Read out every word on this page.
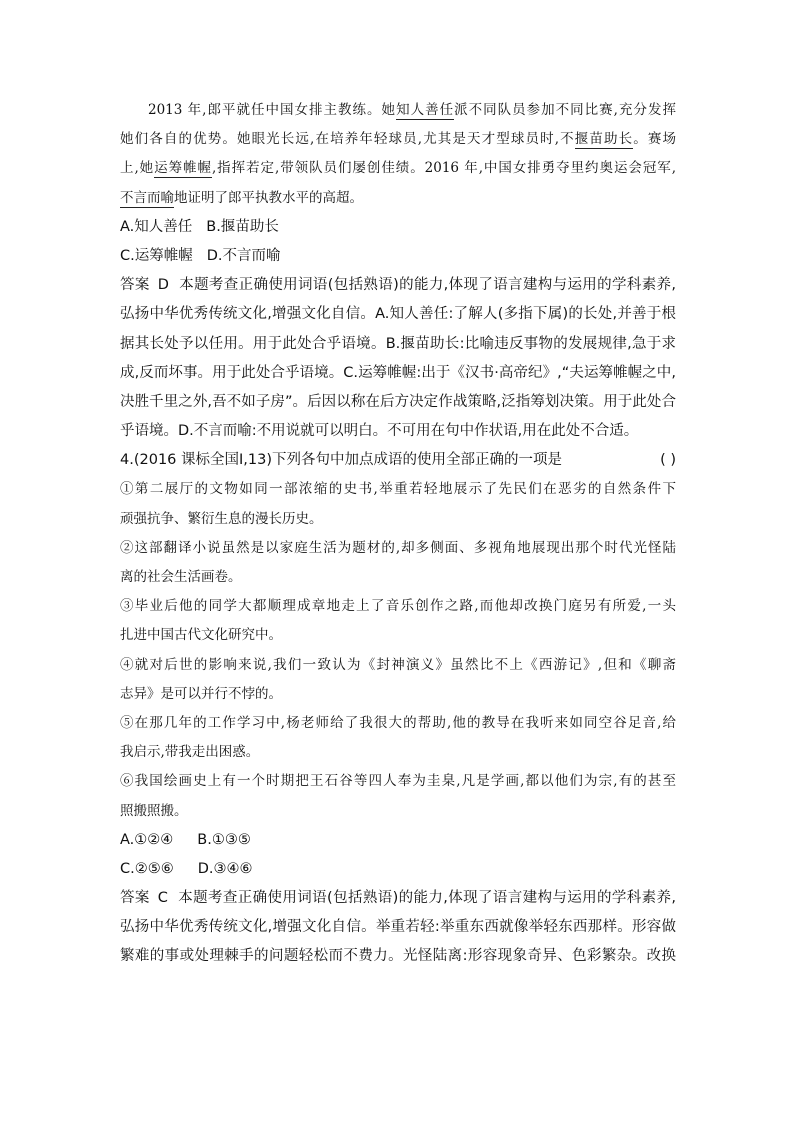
2013 年,郎平就任中国女排主教练。她知人善任派不同队员参加不同比赛,充分发挥
她们各自的优势。她眼光长远,在培养年轻球员,尤其是天才型球员时,不揠苗助长。赛场
上,她运筹帷幄,指挥若定,带领队员们屡创佳绩。2016 年,中国女排勇夺里约奥运会冠军,
不言而喻地证明了郎平执教水平的高超。
A.知人善任 B.揠苗助长
C.运筹帷幄 D.不言而喻
答案 D 本题考查正确使用词语(包括熟语)的能力,体现了语言建构与运用的学科素养,
弘扬中华优秀传统文化,增强文化自信。A.知人善任:了解人(多指下属)的长处,并善于根
据其长处予以任用。用于此处合乎语境。B.揠苗助长:比喻违反事物的发展规律,急于求
成,反而坏事。用于此处合乎语境。C.运筹帷幄:出于《汉书·高帝纪》,“夫运筹帷幄之中,
决胜千里之外,吾不如子房”。后因以称在后方决定作战策略,泛指筹划决策。用于此处合
乎语境。D.不言而喻:不用说就可以明白。不可用在句中作状语,用在此处不合适。
4.(2016 课标全国Ⅰ,13)下列各句中加点成语的使用全部正确的一项是	( )
①第二展厅的文物如同一部浓缩的史书,举重若轻地展示了先民们在恶劣的自然条件下
顽强抗争、繁衍生息的漫长历史。
②这部翻译小说虽然是以家庭生活为题材的,却多侧面、多视角地展现出那个时代光怪陆
离的社会生活画卷。
③毕业后他的同学大都顺理成章地走上了音乐创作之路,而他却改换门庭另有所爱,一头
扎进中国古代文化研究中。
④就对后世的影响来说,我们一致认为《封神演义》虽然比不上《西游记》,但和《聊斋
志异》是可以并行不悖的。
⑤在那几年的工作学习中,杨老师给了我很大的帮助,他的教导在我听来如同空谷足音,给
我启示,带我走出困惑。
⑥我国绘画史上有一个时期把王石谷等四人奉为圭臬,凡是学画,都以他们为宗,有的甚至
照搬照搬。
A.①②④ B.①③⑤
C.②⑤⑥ D.③④⑥
答案 C 本题考查正确使用词语(包括熟语)的能力,体现了语言建构与运用的学科素养,
弘扬中华优秀传统文化,增强文化自信。举重若轻:举重东西就像举轻东西那样。形容做
繁难的事或处理棘手的问题轻松而不费力。光怪陆离:形容现象奇异、色彩繁杂。改换
